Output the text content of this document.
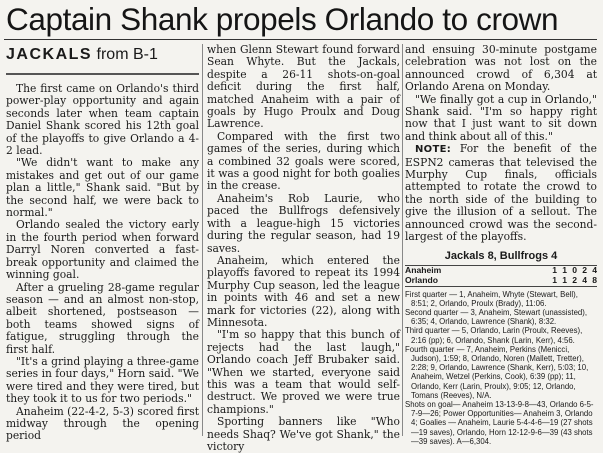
Captain Shank propels Orlando to crown
JACKALS from B-1

The first came on Orlando's third power-play opportunity and again seconds later when team captain Daniel Shank scored his 12th goal of the playoffs to give Orlando a 4-2 lead.

"We didn't want to make any mistakes and get out of our game plan a little," Shank said. "But by the second half, we were back to normal."

Orlando sealed the victory early in the fourth period when forward Darryl Noren converted a fast-break opportunity and claimed the winning goal.

After a grueling 28-game regular season — and an almost non-stop, albeit shortened, postseason — both teams showed signs of fatigue, struggling through the first half.

"It's a grind playing a three-game series in four days," Horn said. "We were tired and they were tired, but they took it to us for two periods."

Anaheim (22-4-2, 5-3) scored first midway through the opening period

when Glenn Stewart found forward Sean Whyte. But the Jackals, despite a 26-11 shots-on-goal deficit during the first half, matched Anaheim with a pair of goals by Hugo Proulx and Doug Lawrence.

Compared with the first two games of the series, during which a combined 32 goals were scored, it was a good night for both goalies in the crease.

Anaheim's Rob Laurie, who paced the Bullfrogs defensively with a league-high 15 victories during the regular season, had 19 saves.

Anaheim, which entered the playoffs favored to repeat its 1994 Murphy Cup season, led the league in points with 46 and set a new mark for victories (22), along with Minnesota.

"I'm so happy that this bunch of rejects had the last laugh," Orlando coach Jeff Brubaker said. "When we started, everyone said this was a team that would self-destruct. We proved we were true champions."

Sporting banners like "Who needs Shaq? We've got Shank," the victory

and ensuing 30-minute postgame celebration was not lost on the announced crowd of 6,304 at Orlando Arena on Monday.

"We finally got a cup in Orlando," Shank said. "I'm so happy right now that I just want to sit down and think about all of this."

NOTE: For the benefit of the ESPN2 cameras that televised the Murphy Cup finals, officials attempted to rotate the crowd to the north side of the building to give the illusion of a sellout. The announced crowd was the second-largest of the playoffs.

Jackals 8, Bullfrogs 4
Anaheim	1	1	0	2	4
Orlando	1	1	2	4	8

First quarter — 1, Anaheim, Whyte (Stewart, Bell), 8:51; 2, Orlando, Proulx (Brady), 11:06.

Second quarter — 3, Anaheim, Stewart (unassisted), 6:35; 4, Orlando, Lawrence (Shank), 8:32.

Third quarter — 5, Orlando, Larin (Proulx, Reeves), 2:16 (pp); 6, Orlando, Shank (Larin, Kerr), 4:56.

Fourth quarter — 7, Anaheim, Perkins (Menicci, Judson), 1:59; 8, Orlando, Noren (Mallett, Tretter), 2:28; 9, Orlando, Lawrence (Shank, Kerr), 5:03; 10, Anaheim, Wetzel (Perkins, Cook), 6:39 (pp); 11, Orlando, Kerr (Larin, Proulx), 9:05; 12, Orlando, Tomans (Reeves), N/A.

Shots on goal— Anaheim 13-13-9-8—43, Orlando 6-5-7-9—26; Power Opportunities— Anaheim 3, Orlando 4; Goalies — Anaheim, Laurie 5-4-4-6—19 (27 shots—19 saves), Orlando, Horn 12-12-9-6—39 (43 shots—39 saves). A—6,304.
